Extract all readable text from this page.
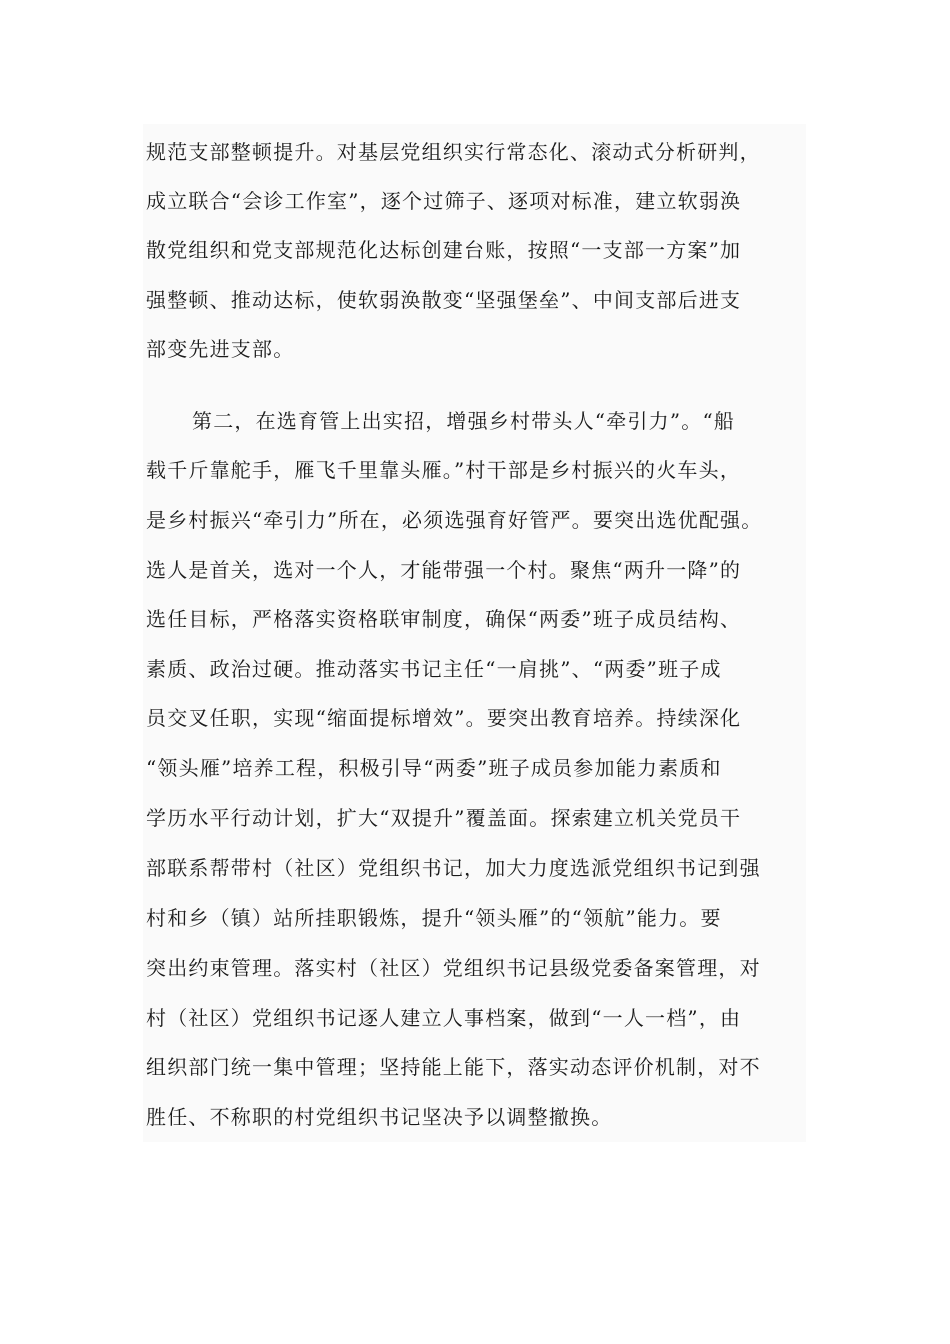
规范支部整顿提升。对基层党组织实行常态化、滚动式分析研判，
成立联合“会诊工作室”，逐个过筛子、逐项对标准，建立软弱涣
散党组织和党支部规范化达标创建台账，按照“一支部一方案”加
强整顿、推动达标，使软弱涣散变“坚强堡垒”、中间支部后进支
部变先进支部。
第二，在选育管上出实招，增强乡村带头人“牵引力”。“船
载千斤靠舵手，雁飞千里靠头雁。”村干部是乡村振兴的火车头，
是乡村振兴“牵引力”所在，必须选强育好管严。要突出选优配强。
选人是首关，选对一个人，才能带强一个村。聚焦“两升一降”的
选任目标，严格落实资格联审制度，确保“两委”班子成员结构、
素质、政治过硬。推动落实书记主任“一肩挑”、“两委”班子成
员交叉任职，实现“缩面提标增效”。要突出教育培养。持续深化
“领头雁”培养工程，积极引导“两委”班子成员参加能力素质和
学历水平行动计划，扩大“双提升”覆盖面。探索建立机关党员干
部联系帮带村（社区）党组织书记，加大力度选派党组织书记到强
村和乡（镇）站所挂职锻炼，提升“领头雁”的“领航”能力。要
突出约束管理。落实村（社区）党组织书记县级党委备案管理，对
村（社区）党组织书记逐人建立人事档案，做到“一人一档”，由
组织部门统一集中管理；坚持能上能下，落实动态评价机制，对不
胜任、不称职的村党组织书记坚决予以调整撤换。
